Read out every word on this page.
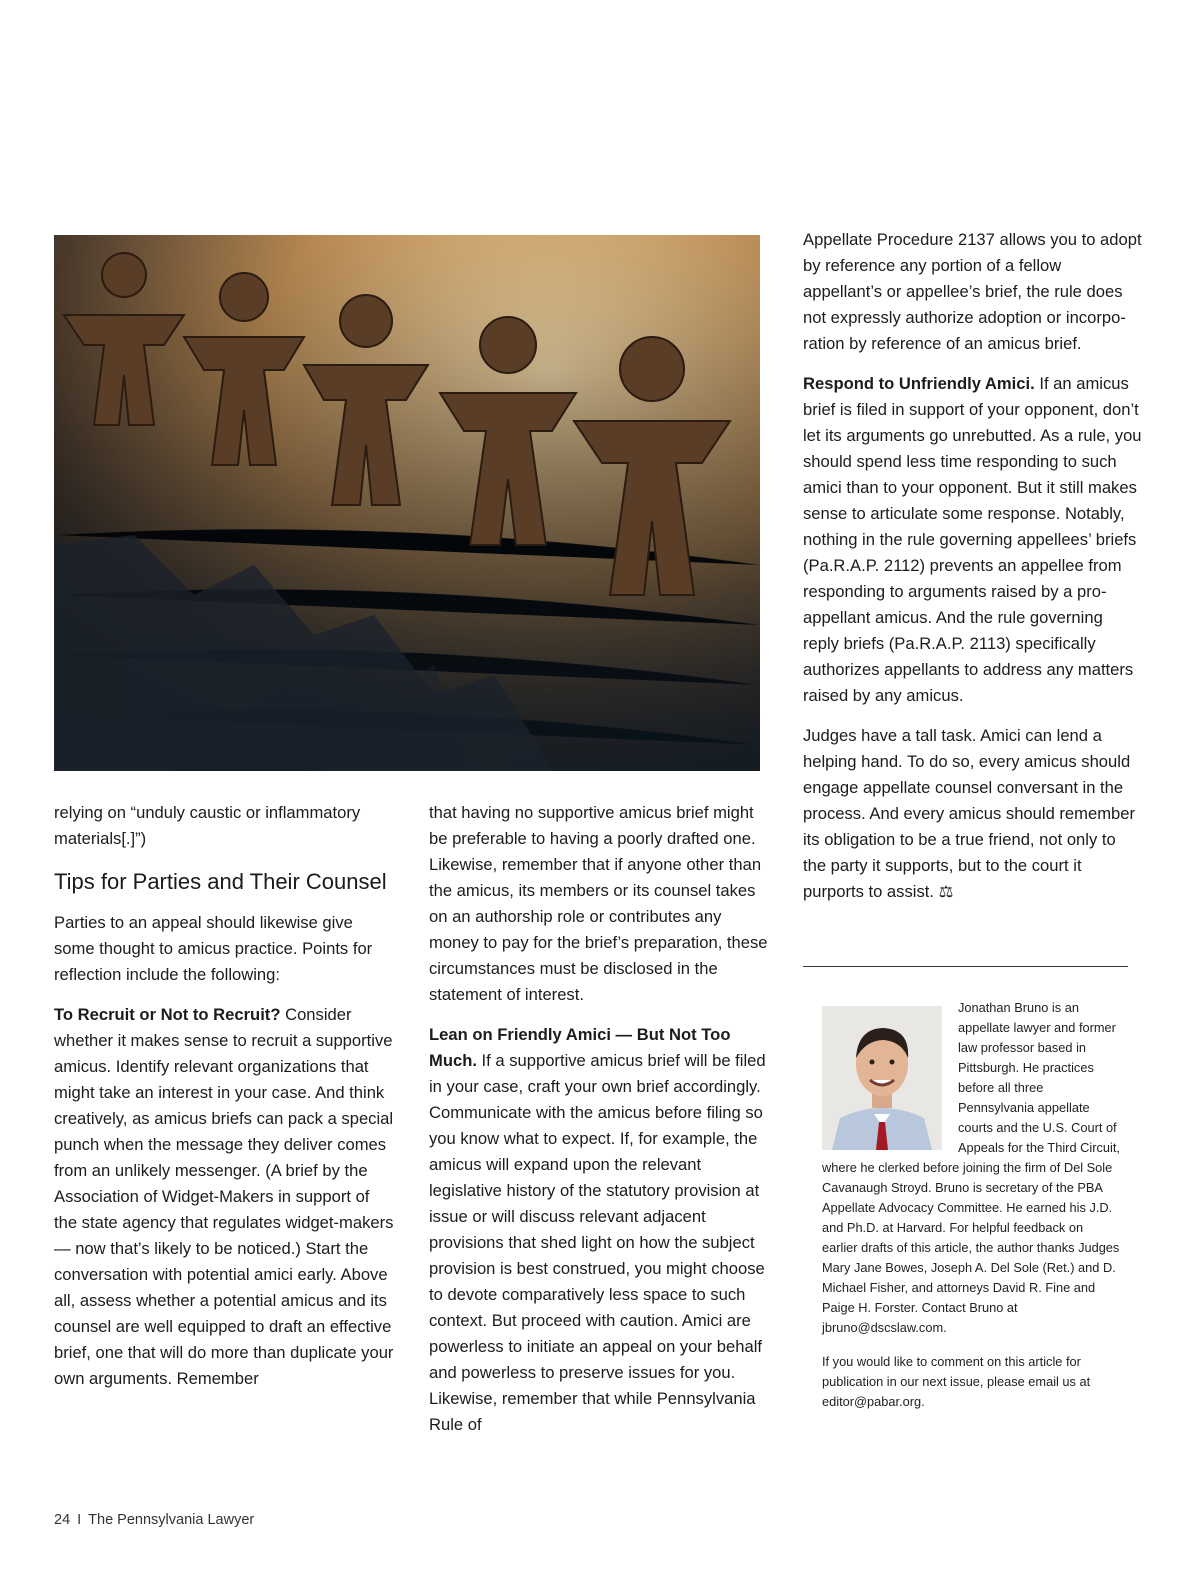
relying on “unduly caustic or inflammatory materials[.]”)

Tips for Parties and Their Counsel

Parties to an appeal should likewise give some thought to amicus practice. Points for reflection include the following:

To Recruit or Not to Recruit? Consider whether it makes sense to recruit a supportive amicus. Identify relevant organizations that might take an interest in your case. And think creatively, as amicus briefs can pack a special punch when the message they deliver comes from an unlikely messenger. (A brief by the Association of Widget-Makers in support of the state agency that regulates widget-makers — now that’s likely to be noticed.) Start the conversation with potential amici early. Above all, assess whether a potential amicus and its counsel are well equipped to draft an effective brief, one that will do more than duplicate your own arguments. Remember

that having no supportive amicus brief might be preferable to having a poorly drafted one. Likewise, remember that if anyone other than the amicus, its members or its counsel takes on an authorship role or contributes any money to pay for the brief’s preparation, these circumstances must be disclosed in the statement of interest.

Lean on Friendly Amici — But Not Too Much. If a supportive amicus brief will be filed in your case, craft your own brief accordingly. Communicate with the amicus before filing so you know what to expect. If, for example, the amicus will expand upon the relevant legislative history of the statutory provision at issue or will discuss relevant adjacent provisions that shed light on how the subject provision is best construed, you might choose to devote comparatively less space to such context. But proceed with caution. Amici are powerless to initiate an appeal on your behalf and powerless to preserve issues for you. Likewise, remember that while Pennsylvania Rule of

Appellate Procedure 2137 allows you to adopt by reference any portion of a fellow appellant’s or appellee’s brief, the rule does not expressly authorize adoption or incorporation by reference of an amicus brief.

Respond to Unfriendly Amici. If an amicus brief is filed in support of your opponent, don’t let its arguments go unrebutted. As a rule, you should spend less time responding to such amici than to your opponent. But it still makes sense to articulate some response. Notably, nothing in the rule governing appellees’ briefs (Pa.R.A.P. 2112) prevents an appellee from responding to arguments raised by a pro-appellant amicus. And the rule governing reply briefs (Pa.R.A.P. 2113) specifically authorizes appellants to address any matters raised by any amicus.

Judges have a tall task. Amici can lend a helping hand. To do so, every amicus should engage appellate counsel conversant in the process. And every amicus should remember its obligation to be a true friend, not only to the party it supports, but to the court it purports to assist. ⚖

Jonathan Bruno is an appellate lawyer and former law professor based in Pittsburgh. He practices before all three Pennsylvania appellate courts and the U.S. Court of Appeals for the Third Circuit, where he clerked before joining the firm of Del Sole Cavanaugh Stroyd. Bruno is secretary of the PBA Appellate Advocacy Committee. He earned his J.D. and Ph.D. at Harvard. For helpful feedback on earlier drafts of this article, the author thanks Judges Mary Jane Bowes, Joseph A. Del Sole (Ret.) and D. Michael Fisher, and attorneys David R. Fine and Paige H. Forster. Contact Bruno at jbruno@dscslaw.com.

If you would like to comment on this article for publication in our next issue, please email us at editor@pabar.org.

24 I The Pennsylvania Lawyer
